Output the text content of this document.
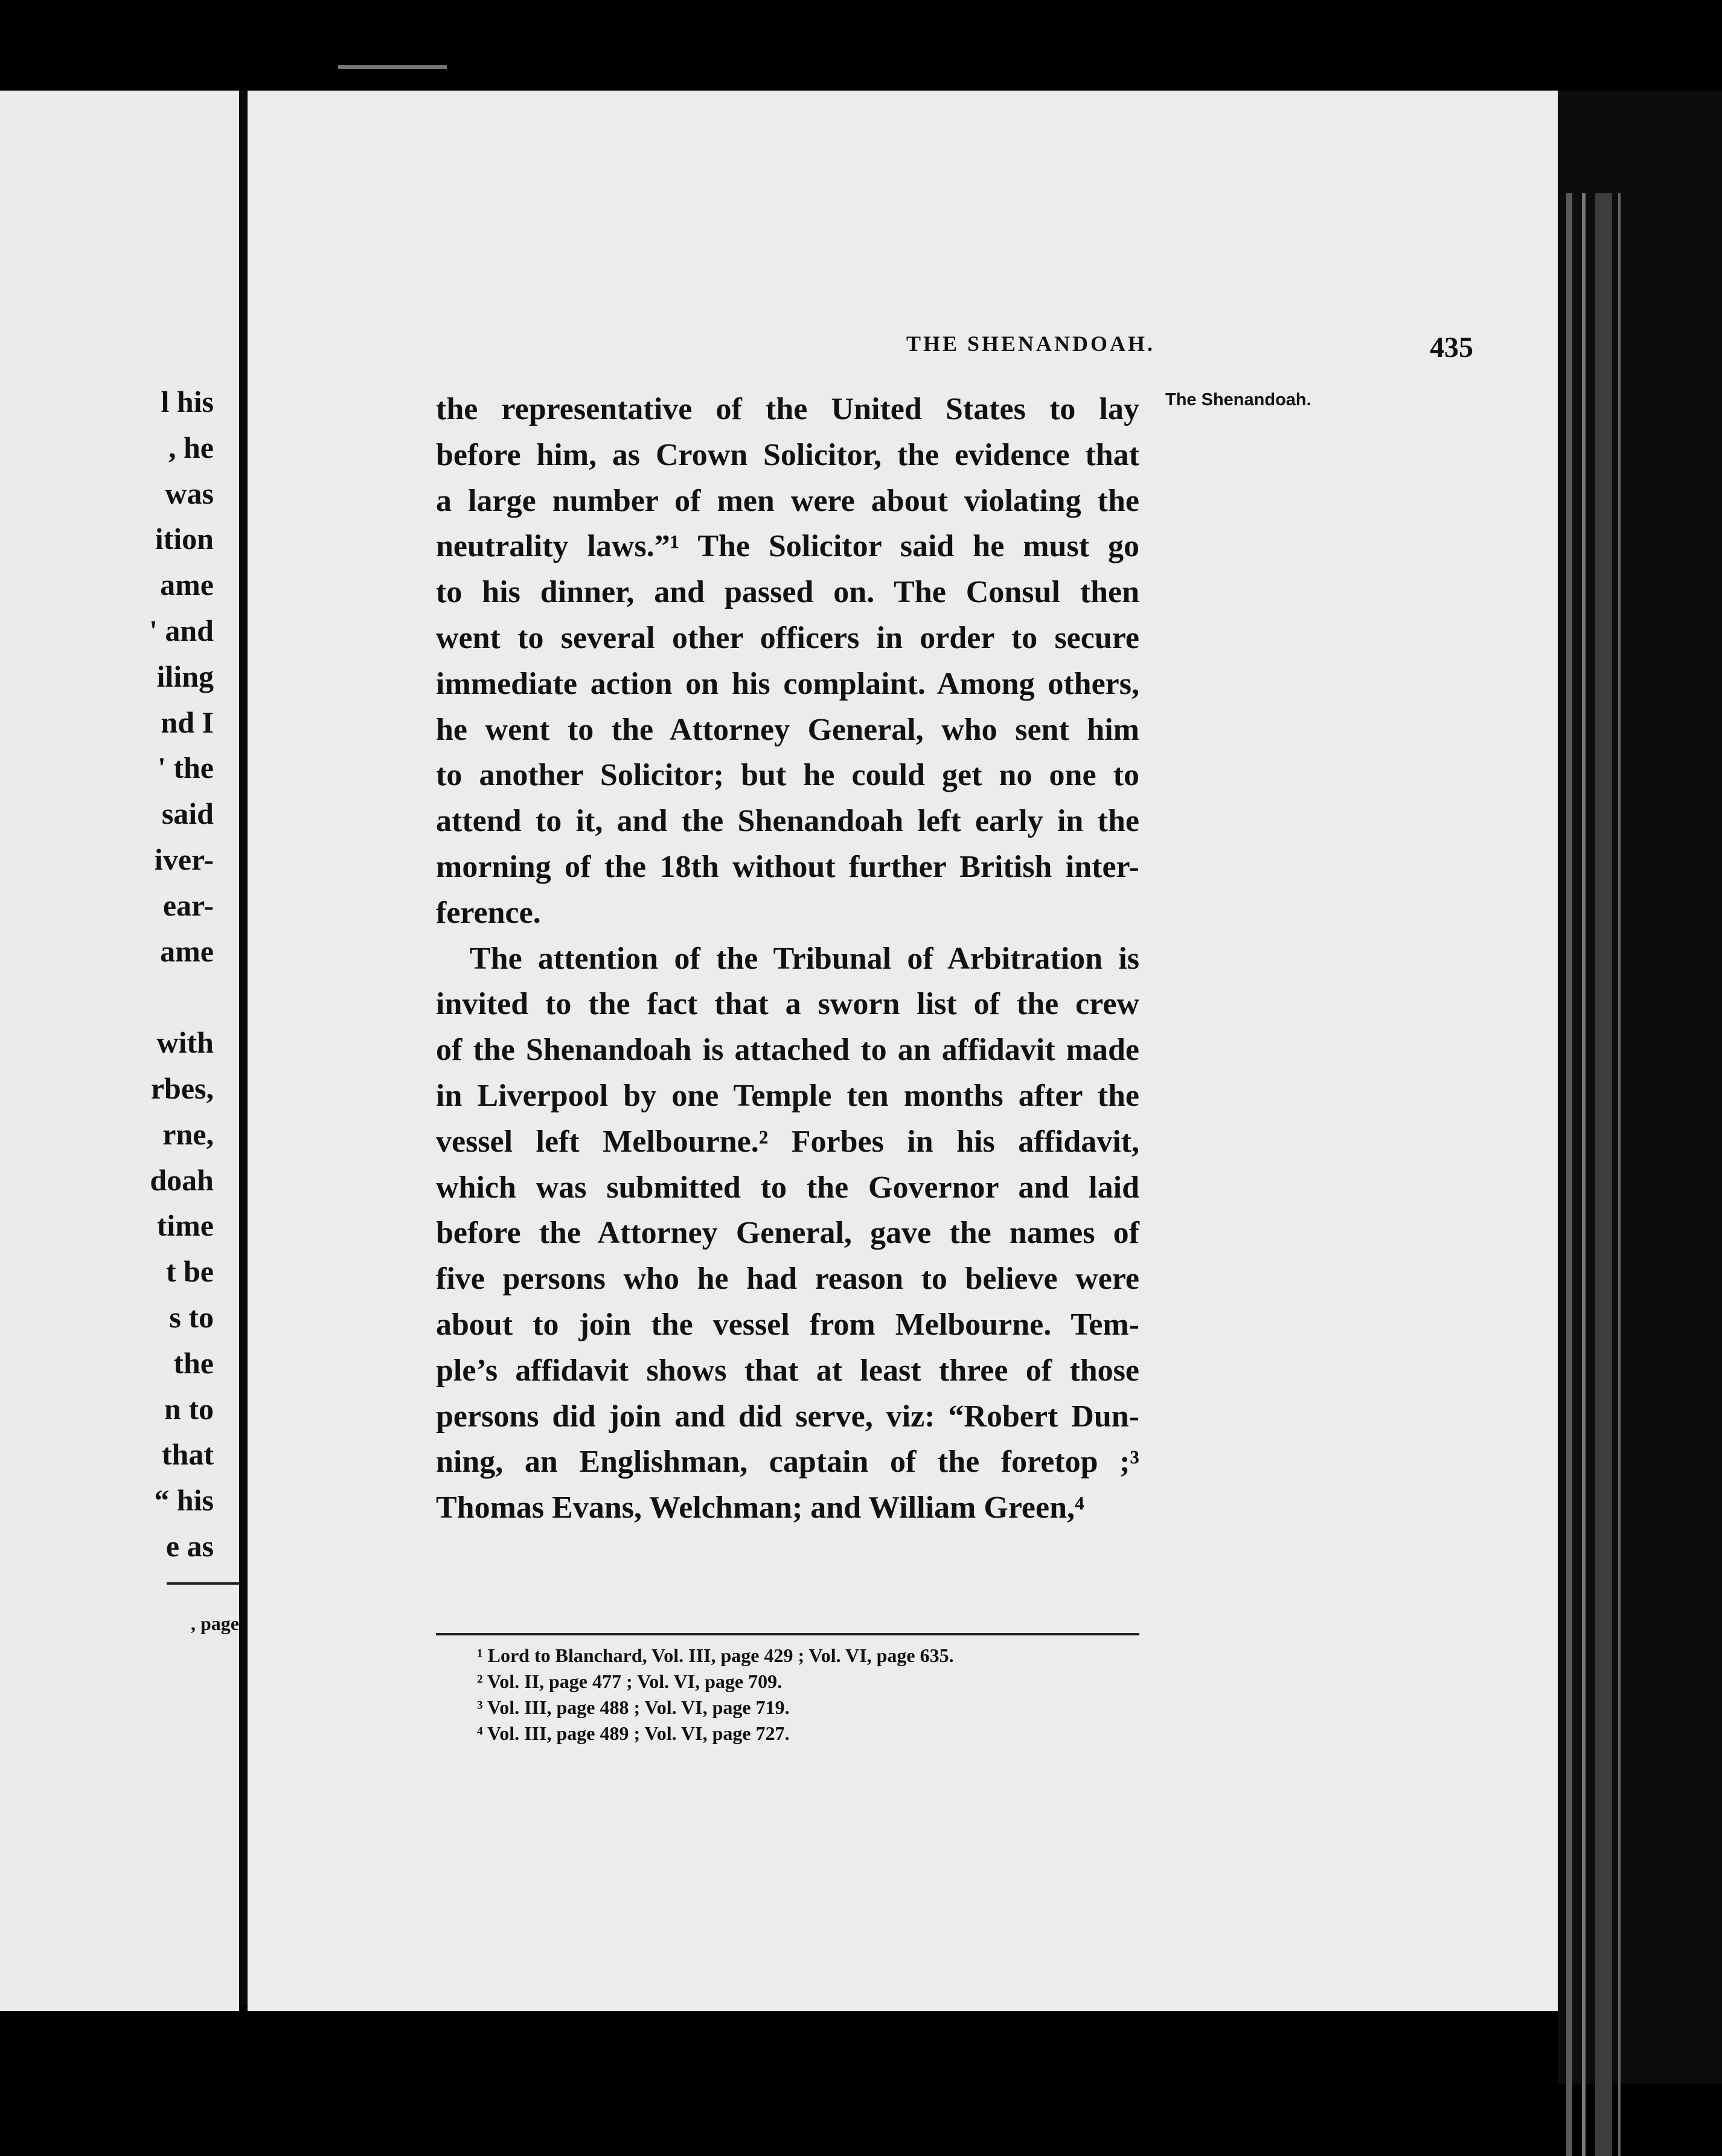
l his
, he
was
ition
ame
' and
iling
nd I
' the
said
iver-
ear-
ame
with
rbes,
rne,
doah
time
t be
s to
the
n to
that
“ his
e as
, page
THE SHENANDOAH.	435
The Shenandoah.
the representative of the United States to lay
before him, as Crown Solicitor, the evidence that
a large number of men were about violating the
neutrality laws.”¹ The Solicitor said he must go
to his dinner, and passed on. The Consul then
went to several other officers in order to secure
immediate action on his complaint. Among others,
he went to the Attorney General, who sent him
to another Solicitor; but he could get no one to
attend to it, and the Shenandoah left early in the
morning of the 18th without further British inter-
ference.
The attention of the Tribunal of Arbitration is
invited to the fact that a sworn list of the crew
of the Shenandoah is attached to an affidavit made
in Liverpool by one Temple ten months after the
vessel left Melbourne.² Forbes in his affidavit,
which was submitted to the Governor and laid
before the Attorney General, gave the names of
five persons who he had reason to believe were
about to join the vessel from Melbourne. Tem-
ple’s affidavit shows that at least three of those
persons did join and did serve, viz: “Robert Dun-
ning, an Englishman, captain of the foretop ;³
Thomas Evans, Welchman; and William Green,⁴
¹ Lord to Blanchard, Vol. III, page 429 ; Vol. VI, page 635.
² Vol. II, page 477 ; Vol. VI, page 709.
³ Vol. III, page 488 ; Vol. VI, page 719.
⁴ Vol. III, page 489 ; Vol. VI, page 727.
